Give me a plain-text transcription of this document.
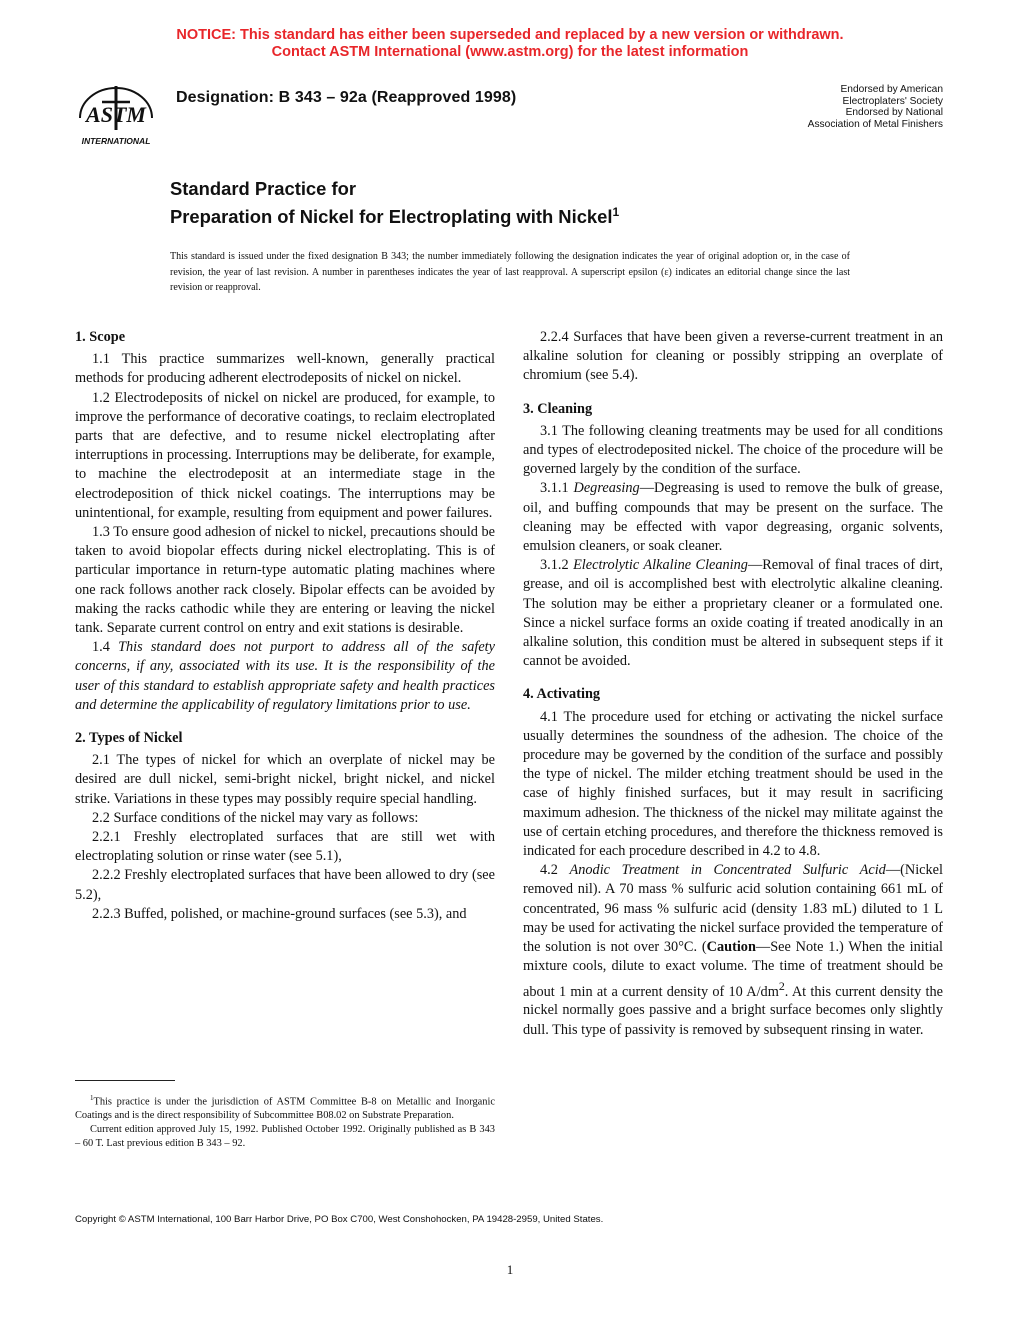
NOTICE: This standard has either been superseded and replaced by a new version or withdrawn.
Contact ASTM International (www.astm.org) for the latest information
ASTM
INTERNATIONAL
Designation: B 343 – 92a (Reapproved 1998)	Endorsed by American
Electroplaters' Society
Endorsed by National
Association of Metal Finishers
Standard Practice for
Preparation of Nickel for Electroplating with Nickel$^1$
This standard is issued under the fixed designation B 343; the number immediately following the designation indicates the year of original adoption or, in the case of revision, the year of last revision. A number in parentheses indicates the year of last reapproval. A superscript epsilon (ε) indicates an editorial change since the last revision or reapproval.
1. Scope

1.1 This practice summarizes well-known, generally practical methods for producing adherent electrodeposits of nickel on nickel.

1.2 Electrodeposits of nickel on nickel are produced, for example, to improve the performance of decorative coatings, to reclaim electroplated parts that are defective, and to resume nickel electroplating after interruptions in processing. Interruptions may be deliberate, for example, to machine the electrodeposit at an intermediate stage in the electrodeposition of thick nickel coatings. The interruptions may be unintentional, for example, resulting from equipment and power failures.

1.3 To ensure good adhesion of nickel to nickel, precautions should be taken to avoid biopolar effects during nickel electroplating. This is of particular importance in return-type automatic plating machines where one rack follows another rack closely. Bipolar effects can be avoided by making the racks cathodic while they are entering or leaving the nickel tank. Separate current control on entry and exit stations is desirable.

1.4 This standard does not purport to address all of the safety concerns, if any, associated with its use. It is the responsibility of the user of this standard to establish appropriate safety and health practices and determine the applicability of regulatory limitations prior to use.

2. Types of Nickel

2.1 The types of nickel for which an overplate of nickel may be desired are dull nickel, semi-bright nickel, bright nickel, and nickel strike. Variations in these types may possibly require special handling.

2.2 Surface conditions of the nickel may vary as follows:

2.2.1 Freshly electroplated surfaces that are still wet with electroplating solution or rinse water (see 5.1),

2.2.2 Freshly electroplated surfaces that have been allowed to dry (see 5.2),

2.2.3 Buffed, polished, or machine-ground surfaces (see 5.3), and

2.2.4 Surfaces that have been given a reverse-current treatment in an alkaline solution for cleaning or possibly stripping an overplate of chromium (see 5.4).

3. Cleaning

3.1 The following cleaning treatments may be used for all conditions and types of electrodeposited nickel. The choice of the procedure will be governed largely by the condition of the surface.

3.1.1 Degreasing—Degreasing is used to remove the bulk of grease, oil, and buffing compounds that may be present on the surface. The cleaning may be effected with vapor degreasing, organic solvents, emulsion cleaners, or soak cleaner.

3.1.2 Electrolytic Alkaline Cleaning—Removal of final traces of dirt, grease, and oil is accomplished best with electrolytic alkaline cleaning. The solution may be either a proprietary cleaner or a formulated one. Since a nickel surface forms an oxide coating if treated anodically in an alkaline solution, this condition must be altered in subsequent steps if it cannot be avoided.

4. Activating

4.1 The procedure used for etching or activating the nickel surface usually determines the soundness of the adhesion. The choice of the procedure may be governed by the condition of the surface and possibly the type of nickel. The milder etching treatment should be used in the case of highly finished surfaces, but it may result in sacrificing maximum adhesion. The thickness of the nickel may militate against the use of certain etching procedures, and therefore the thickness removed is indicated for each procedure described in 4.2 to 4.8.

4.2 Anodic Treatment in Concentrated Sulfuric Acid—(Nickel removed nil). A 70 mass % sulfuric acid solution containing 661 mL of concentrated, 96 mass % sulfuric acid (density 1.83 mL) diluted to 1 L may be used for activating the nickel surface provided the temperature of the solution is not over 30°C. (Caution—See Note 1.) When the initial mixture cools, dilute to exact volume. The time of treatment should be about 1 min at a current density of 10 $A/dm^2$. At this current density the nickel normally goes passive and a bright surface becomes only slightly dull. This type of passivity is removed by subsequent rinsing in water.

$^1$This practice is under the jurisdiction of ASTM Committee B-8 on Metallic and Inorganic Coatings and is the direct responsibility of Subcommittee B08.02 on Substrate Preparation.

Current edition approved July 15, 1992. Published October 1992. Originally published as B 343 – 60 T. Last previous edition B 343 – 92.

Copyright © ASTM International, 100 Barr Harbor Drive, PO Box C700, West Conshohocken, PA 19428-2959, United States.
1
